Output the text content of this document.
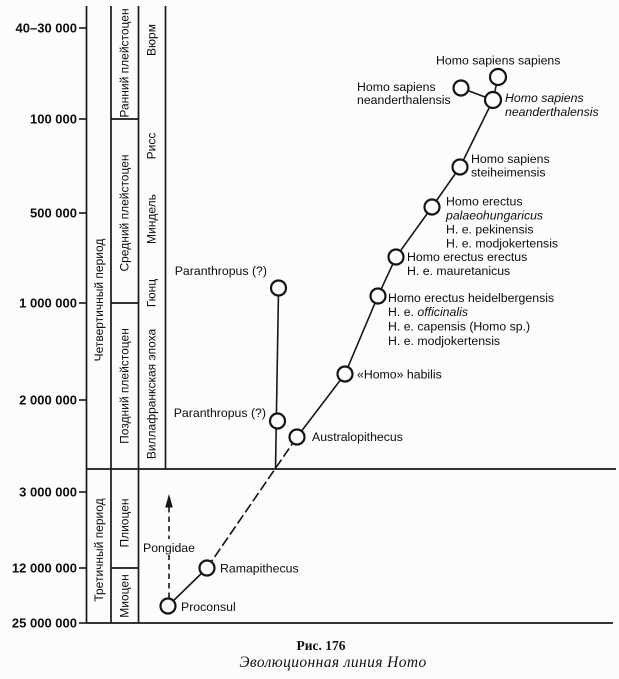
40–30 000
100 000
500 000
1 000 000
2 000 000
3 000 000
12 000 000
25 000 000
Четвертичный период
Третичный период
Ранний плейстоцен
Средний плейстоцен
Поздний плейстоцен
Плиоцен
Миоцен
Вюрм
Рисс
Миндель
Гюнц
Виллафранкская эпоха
Homo sapiens sapiens
Homo sapiens
neanderthalensis	Homo sapiens
neanderthalensis
Homo sapiens
steiheimensis
Homo erectus
palaeohungaricus
H. e. pekinensis
H. e. modjokertensis
Homo erectus erectus
H. e. mauretanicus
Homo erectus heidelbergensis
H. e. officinalis
H. e. capensis (Homo sp.)
H. e. modjokertensis
«Homo» habilis
Paranthropus (?)
Paranthropus (?)
Australopithecus
Pongidae
Ramapithecus
Proconsul
Рис. 176
Эволюционная линия Homo
